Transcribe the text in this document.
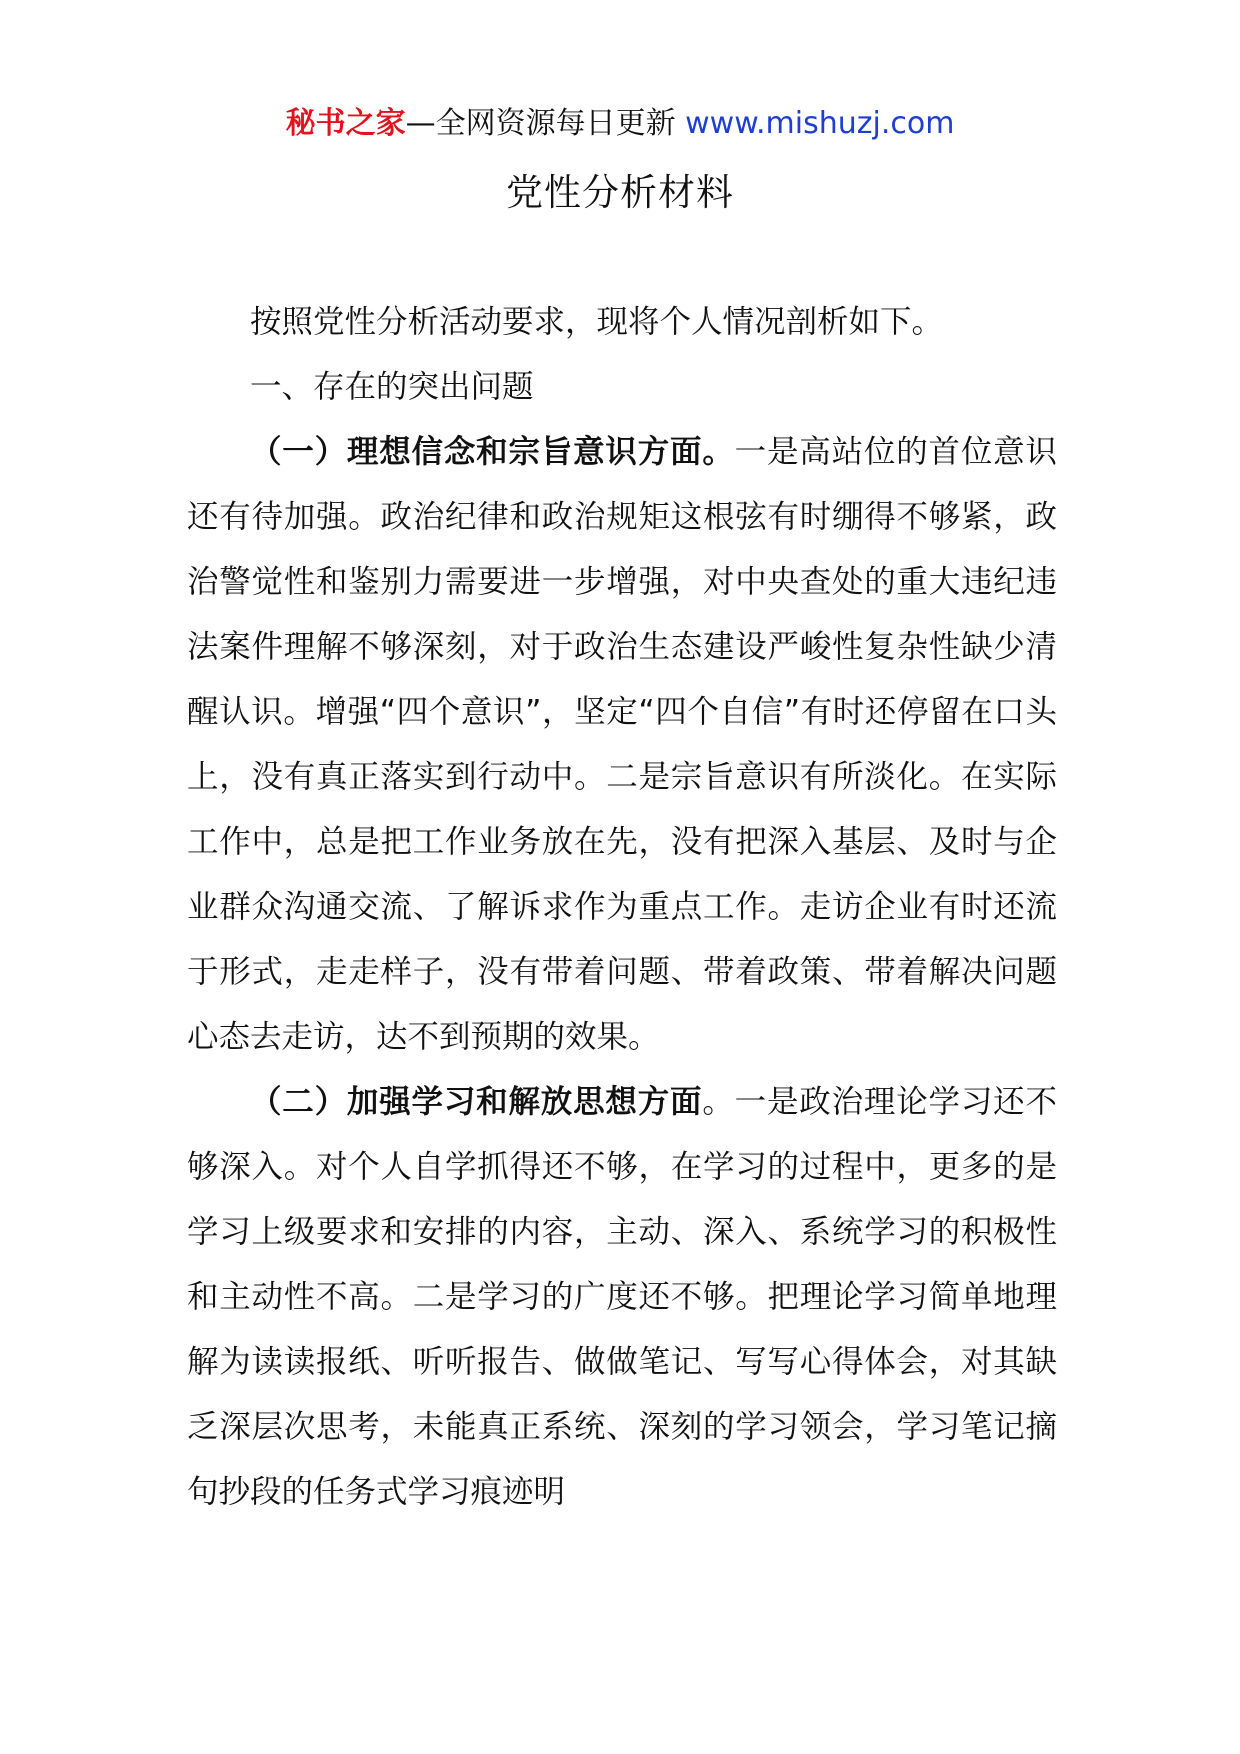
秘书之家—全网资源每日更新 www.mishuzj.com
党性分析材料

按照党性分析活动要求，现将个人情况剖析如下。

一、存在的突出问题

（一）理想信念和宗旨意识方面。一是高站位的首位意识还有待加强。政治纪律和政治规矩这根弦有时绷得不够紧，政治警觉性和鉴别力需要进一步增强，对中央查处的重大违纪违法案件理解不够深刻，对于政治生态建设严峻性复杂性缺少清醒认识。增强“四个意识”，坚定“四个自信”有时还停留在口头上，没有真正落实到行动中。二是宗旨意识有所淡化。在实际工作中，总是把工作业务放在先，没有把深入基层、及时与企业群众沟通交流、了解诉求作为重点工作。走访企业有时还流于形式，走走样子，没有带着问题、带着政策、带着解决问题心态去走访，达不到预期的效果。

（二）加强学习和解放思想方面。一是政治理论学习还不够深入。对个人自学抓得还不够，在学习的过程中，更多的是学习上级要求和安排的内容，主动、深入、系统学习的积极性和主动性不高。二是学习的广度还不够。把理论学习简单地理解为读读报纸、听听报告、做做笔记、写写心得体会，对其缺乏深层次思考，未能真正系统、深刻的学习领会，学习笔记摘句抄段的任务式学习痕迹明
